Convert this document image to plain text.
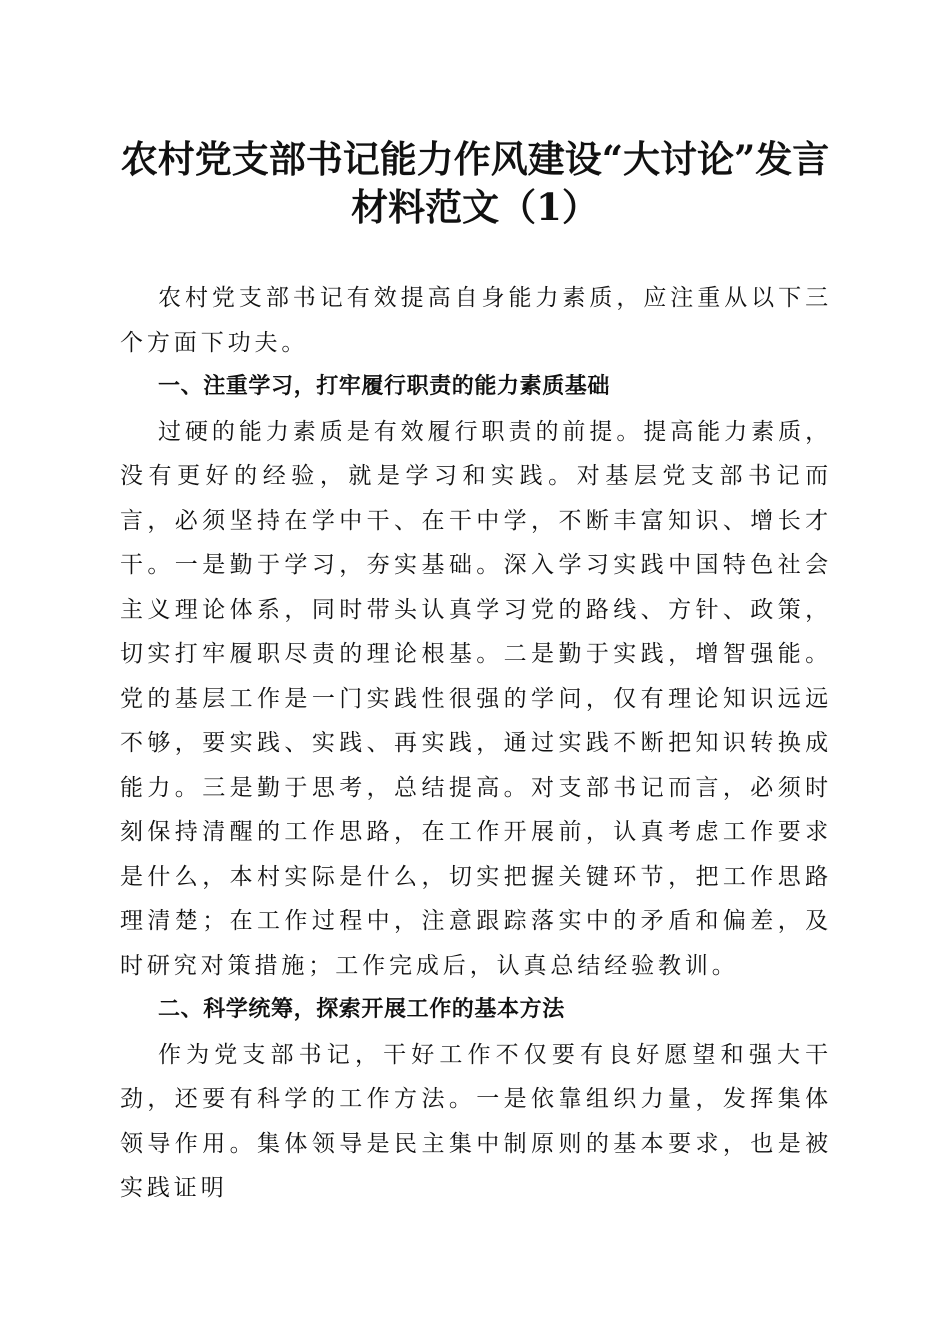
农村党支部书记能力作风建设“大讨论”发言
材料范文（1）

农村党支部书记有效提高自身能力素质，应注重从以下三个方面下功夫。

一、注重学习，打牢履行职责的能力素质基础

过硬的能力素质是有效履行职责的前提。提高能力素质，没有更好的经验，就是学习和实践。对基层党支部书记而言，必须坚持在学中干、在干中学，不断丰富知识、增长才干。一是勤于学习，夯实基础。深入学习实践中国特色社会主义理论体系，同时带头认真学习党的路线、方针、政策，切实打牢履职尽责的理论根基。二是勤于实践，增智强能。党的基层工作是一门实践性很强的学问，仅有理论知识远远不够，要实践、实践、再实践，通过实践不断把知识转换成能力。三是勤于思考，总结提高。对支部书记而言，必须时刻保持清醒的工作思路，在工作开展前，认真考虑工作要求是什么，本村实际是什么，切实把握关键环节，把工作思路理清楚；在工作过程中，注意跟踪落实中的矛盾和偏差，及时研究对策措施；工作完成后，认真总结经验教训。

二、科学统筹，探索开展工作的基本方法

作为党支部书记，干好工作不仅要有良好愿望和强大干劲，还要有科学的工作方法。一是依靠组织力量，发挥集体领导作用。集体领导是民主集中制原则的基本要求，也是被实践证明
